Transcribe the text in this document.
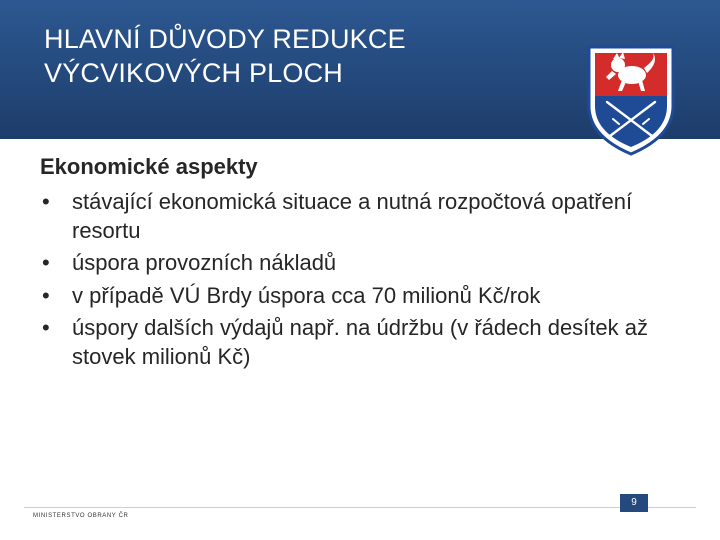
HLAVNÍ DŮVODY REDUKCE
VÝCVIKOVÝCH PLOCH
Ekonomické aspekty
• stávající ekonomická situace a nutná rozpočtová opatření resortu
• úspora provozních nákladů
• v případě VÚ Brdy úspora cca 70 milionů Kč/rok
• úspory dalších výdajů např. na údržbu (v řádech desítek až stovek milionů Kč)
MINISTERSTVO OBRANY ČR
9
